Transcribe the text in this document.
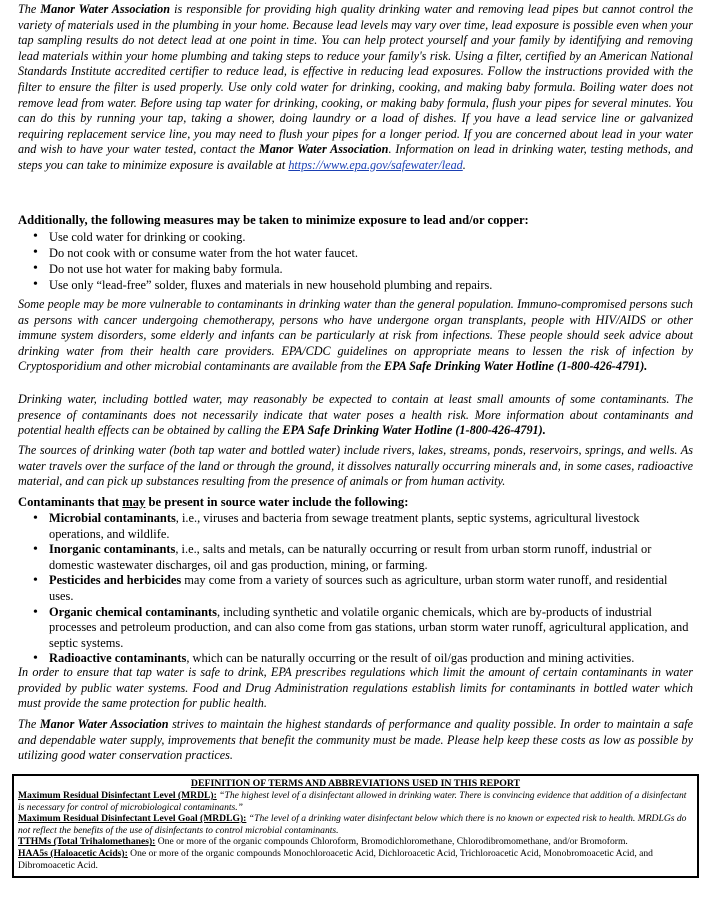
The Manor Water Association is responsible for providing high quality drinking water and removing lead pipes but cannot control the variety of materials used in the plumbing in your home. Because lead levels may vary over time, lead exposure is possible even when your tap sampling results do not detect lead at one point in time. You can help protect yourself and your family by identifying and removing lead materials within your home plumbing and taking steps to reduce your family's risk. Using a filter, certified by an American National Standards Institute accredited certifier to reduce lead, is effective in reducing lead exposures. Follow the instructions provided with the filter to ensure the filter is used properly. Use only cold water for drinking, cooking, and making baby formula. Boiling water does not remove lead from water. Before using tap water for drinking, cooking, or making baby formula, flush your pipes for several minutes. You can do this by running your tap, taking a shower, doing laundry or a load of dishes. If you have a lead service line or galvanized requiring replacement service line, you may need to flush your pipes for a longer period. If you are concerned about lead in your water and wish to have your water tested, contact the Manor Water Association. Information on lead in drinking water, testing methods, and steps you can take to minimize exposure is available at https://www.epa.gov/safewater/lead.

Additionally, the following measures may be taken to minimize exposure to lead and/or copper:

• Use cold water for drinking or cooking.
• Do not cook with or consume water from the hot water faucet.
• Do not use hot water for making baby formula.
• Use only “lead-free” solder, fluxes and materials in new household plumbing and repairs.

Some people may be more vulnerable to contaminants in drinking water than the general population. Immuno-compromised persons such as persons with cancer undergoing chemotherapy, persons who have undergone organ transplants, people with HIV/AIDS or other immune system disorders, some elderly and infants can be particularly at risk from infections. These people should seek advice about drinking water from their health care providers. EPA/CDC guidelines on appropriate means to lessen the risk of infection by Cryptosporidium and other microbial contaminants are available from the EPA Safe Drinking Water Hotline (1-800-426-4791).

Drinking water, including bottled water, may reasonably be expected to contain at least small amounts of some contaminants. The presence of contaminants does not necessarily indicate that water poses a health risk. More information about contaminants and potential health effects can be obtained by calling the EPA Safe Drinking Water Hotline (1-800-426-4791).

The sources of drinking water (both tap water and bottled water) include rivers, lakes, streams, ponds, reservoirs, springs, and wells. As water travels over the surface of the land or through the ground, it dissolves naturally occurring minerals and, in some cases, radioactive material, and can pick up substances resulting from the presence of animals or from human activity.

Contaminants that may be present in source water include the following:

• Microbial contaminants, i.e., viruses and bacteria from sewage treatment plants, septic systems, agricultural livestock operations, and wildlife.
• Inorganic contaminants, i.e., salts and metals, can be naturally occurring or result from urban storm runoff, industrial or domestic wastewater discharges, oil and gas production, mining, or farming.
• Pesticides and herbicides may come from a variety of sources such as agriculture, urban storm water runoff, and residential uses.
• Organic chemical contaminants, including synthetic and volatile organic chemicals, which are by-products of industrial processes and petroleum production, and can also come from gas stations, urban storm water runoff, agricultural application, and septic systems.
• Radioactive contaminants, which can be naturally occurring or the result of oil/gas production and mining activities.

In order to ensure that tap water is safe to drink, EPA prescribes regulations which limit the amount of certain contaminants in water provided by public water systems. Food and Drug Administration regulations establish limits for contaminants in bottled water which must provide the same protection for public health.

The Manor Water Association strives to maintain the highest standards of performance and quality possible. In order to maintain a safe and dependable water supply, improvements that benefit the community must be made. Please help keep these costs as low as possible by utilizing good water conservation practices.

DEFINITION OF TERMS AND ABBREVIATIONS USED IN THIS REPORT
Maximum Residual Disinfectant Level (MRDL): “The highest level of a disinfectant allowed in drinking water. There is convincing evidence that addition of a disinfectant is necessary for control of microbiological contaminants.”
Maximum Residual Disinfectant Level Goal (MRDLG): “The level of a drinking water disinfectant below which there is no known or expected risk to health. MRDLGs do not reflect the benefits of the use of disinfectants to control microbial contaminants.
TTHMs (Total Trihalomethanes): One or more of the organic compounds Chloroform, Bromodichloromethane, Chlorodibromomethane, and/or Bromoform.
HAA5s (Haloacetic Acids): One or more of the organic compounds Monochloroacetic Acid, Dichloroacetic Acid, Trichloroacetic Acid, Monobromoacetic Acid, and Dibromoacetic Acid.
